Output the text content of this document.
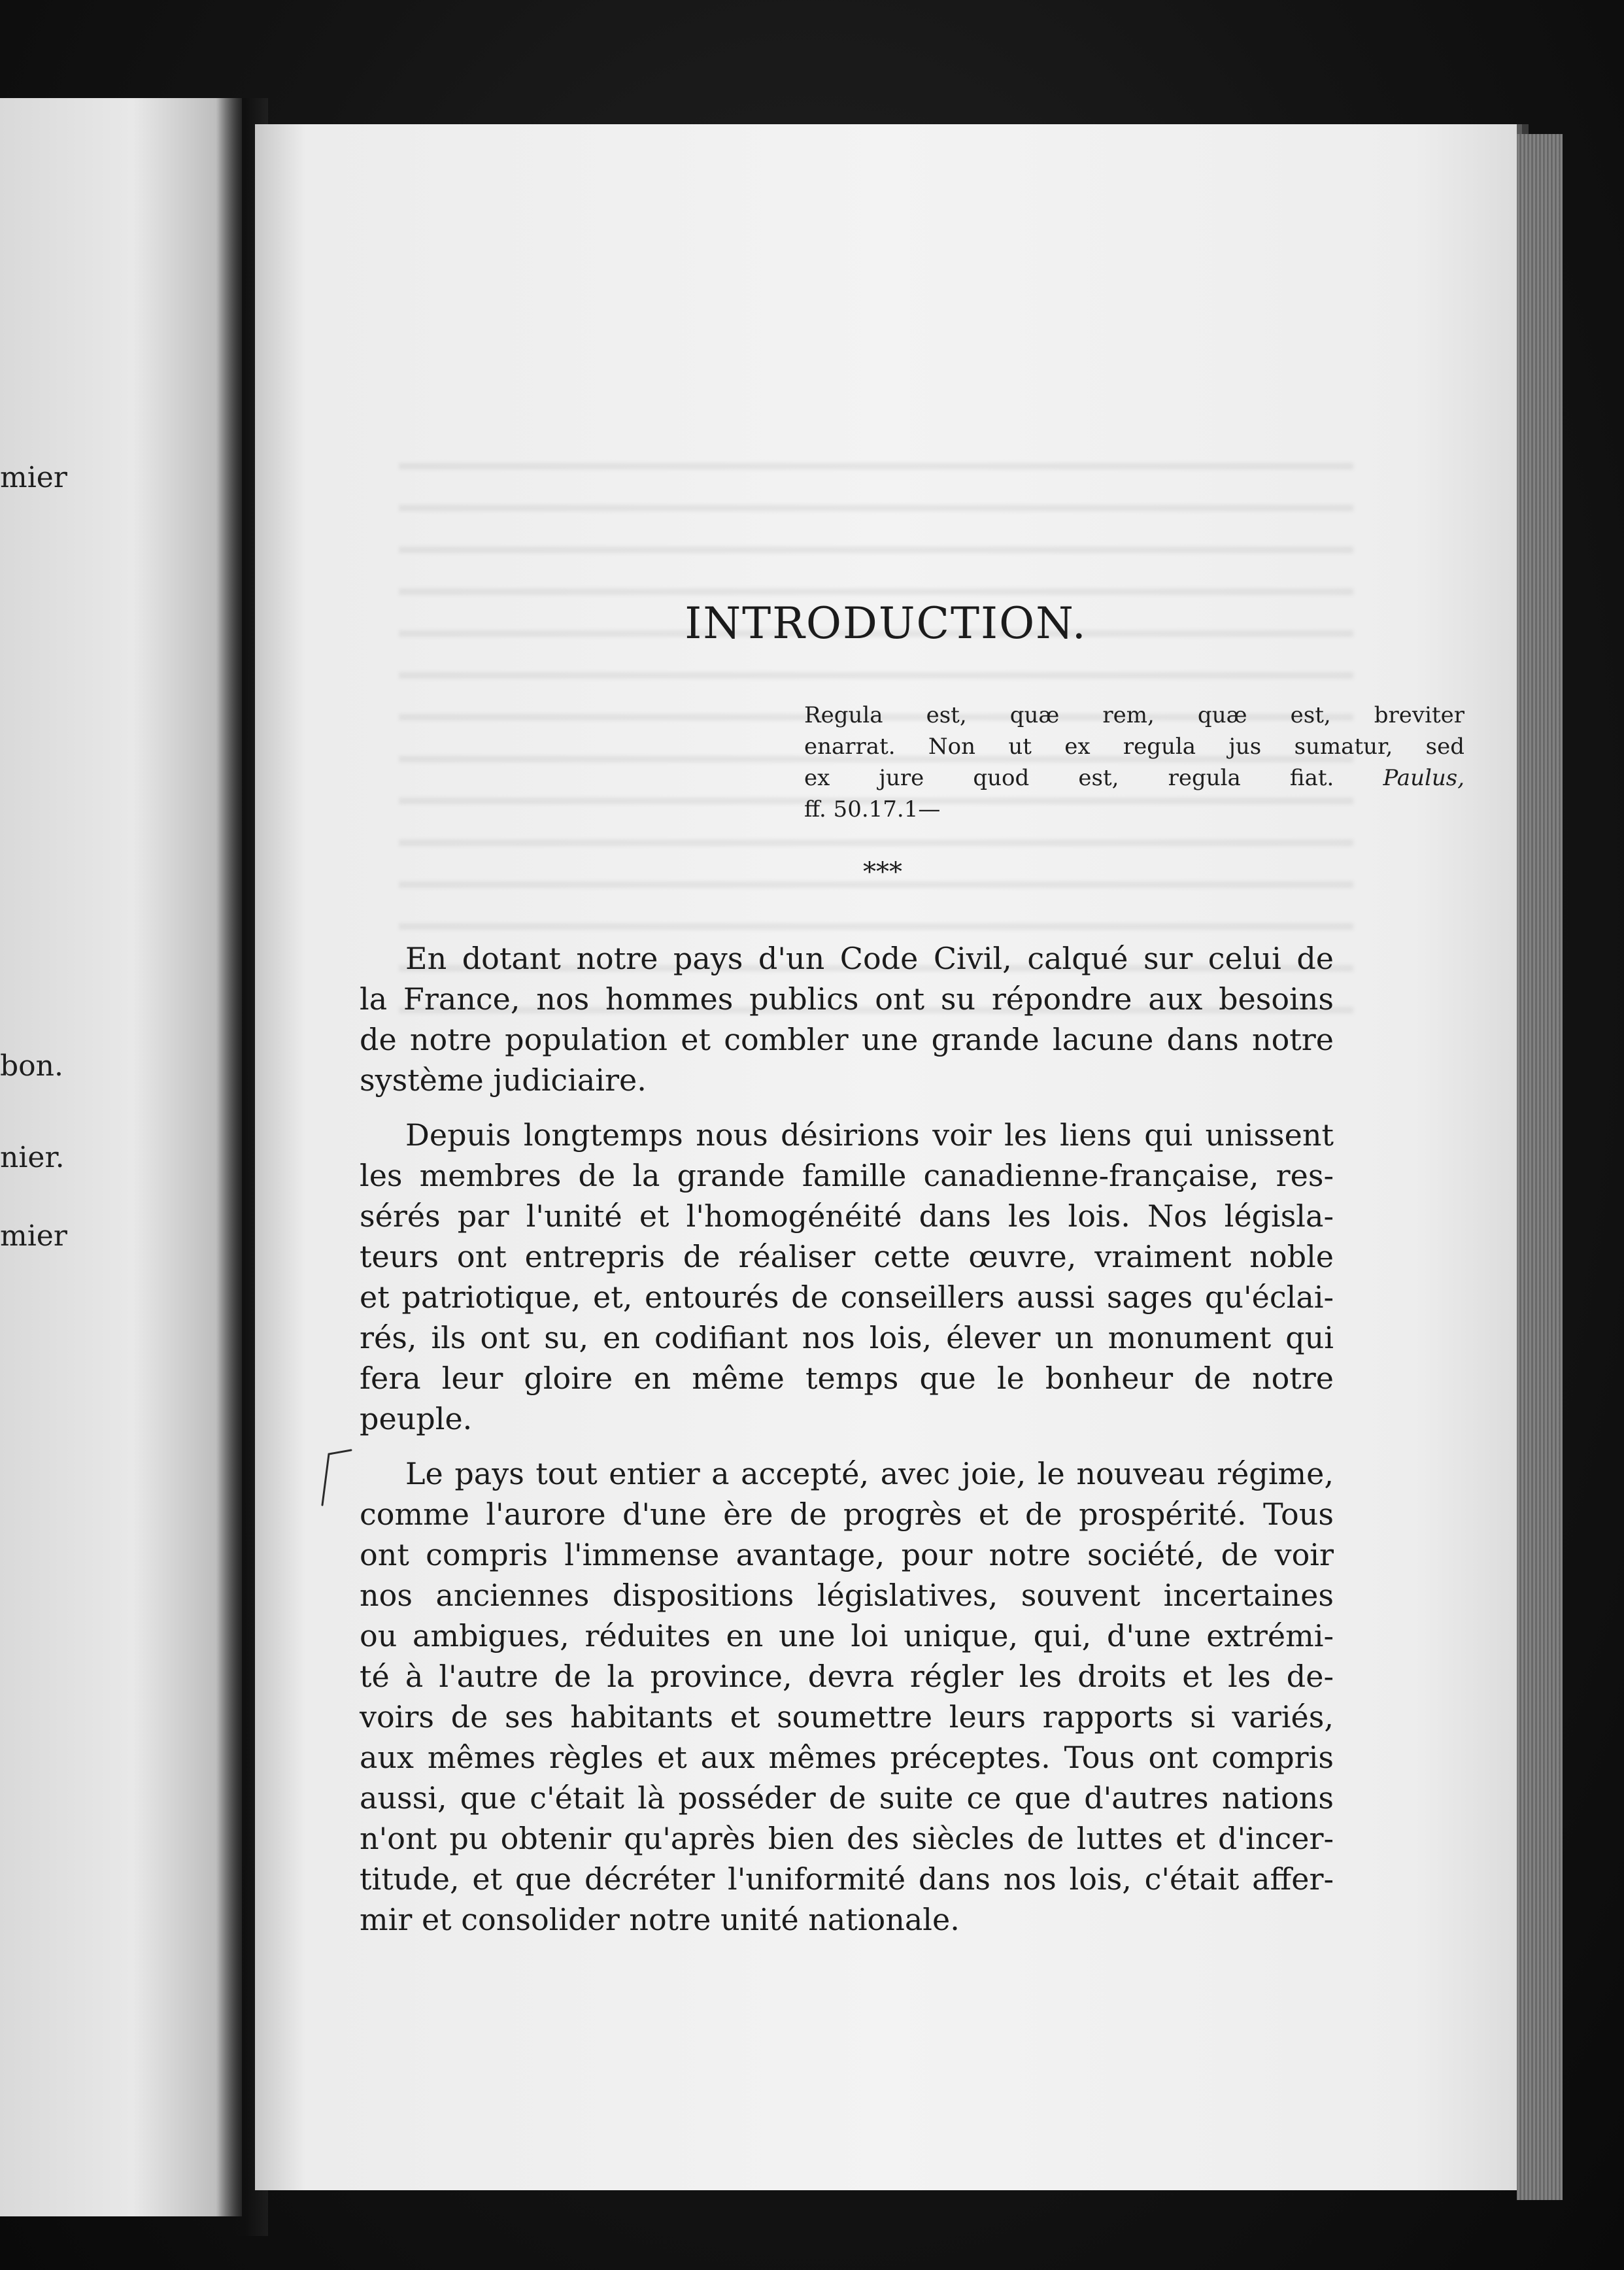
mier
bon.
nier.
mier
INTRODUCTION.
Regula est, quæ rem, quæ est, breviter
enarrat. Non ut ex regula jus sumatur, sed
ex jure quod est, regula fiat. Paulus,
ff. 50.17.1—
***
En dotant notre pays d'un Code Civil, calqué sur celui de
la France, nos hommes publics ont su répondre aux besoins
de notre population et combler une grande lacune dans notre
système judiciaire.
Depuis longtemps nous désirions voir les liens qui unissent
les membres de la grande famille canadienne-française, res-
sérés par l'unité et l'homogénéité dans les lois. Nos législa-
teurs ont entrepris de réaliser cette œuvre, vraiment noble
et patriotique, et, entourés de conseillers aussi sages qu'éclai-
rés, ils ont su, en codifiant nos lois, élever un monument qui
fera leur gloire en même temps que le bonheur de notre
peuple.
Le pays tout entier a accepté, avec joie, le nouveau régime,
comme l'aurore d'une ère de progrès et de prospérité. Tous
ont compris l'immense avantage, pour notre société, de voir
nos anciennes dispositions législatives, souvent incertaines
ou ambigues, réduites en une loi unique, qui, d'une extrémi-
té à l'autre de la province, devra régler les droits et les de-
voirs de ses habitants et soumettre leurs rapports si variés,
aux mêmes règles et aux mêmes préceptes. Tous ont compris
aussi, que c'était là posséder de suite ce que d'autres nations
n'ont pu obtenir qu'après bien des siècles de luttes et d'incer-
titude, et que décréter l'uniformité dans nos lois, c'était affer-
mir et consolider notre unité nationale.
